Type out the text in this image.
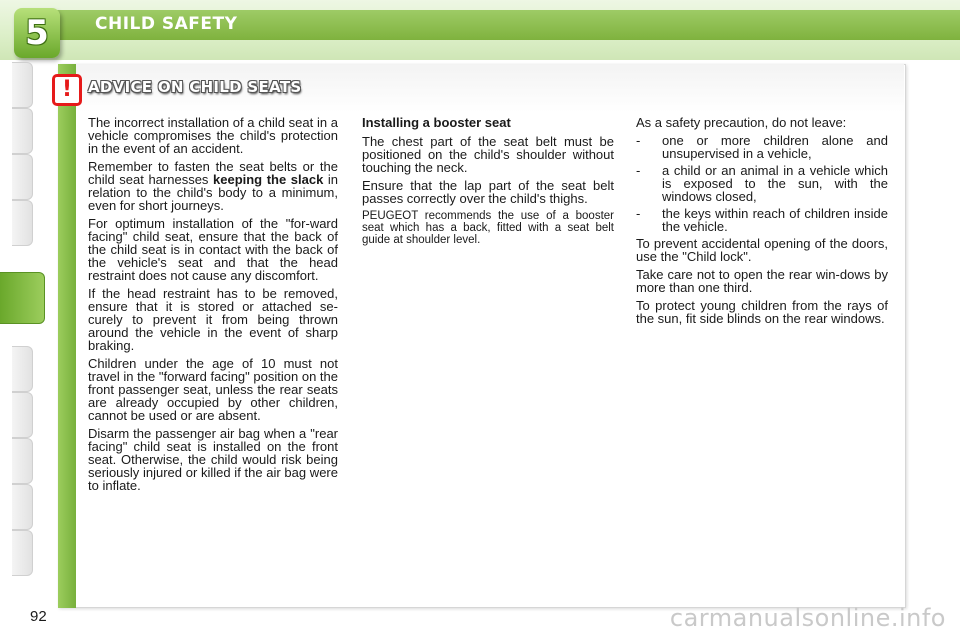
5	CHILD SAFETY
! ADVICE ON CHILD SEATS

The incorrect installation of a child seat in a vehicle compromises the child's protection in the event of an accident.

Remember to fasten the seat belts or the child seat harnesses keeping the slack in relation to the child's body to a minimum, even for short journeys.

For optimum installation of the "for-ward facing" child seat, ensure that the back of the child seat is in contact with the back of the vehicle's seat and that the head restraint does not cause any discomfort.

If the head restraint has to be removed, ensure that it is stored or attached se-curely to prevent it from being thrown around the vehicle in the event of sharp braking.

Children under the age of 10 must not travel in the "forward facing" position on the front passenger seat, unless the rear seats are already occupied by other children, cannot be used or are absent.

Disarm the passenger air bag when a "rear facing" child seat is installed on the front seat. Otherwise, the child would risk being seriously injured or killed if the air bag were to inflate.

Installing a booster seat

The chest part of the seat belt must be positioned on the child's shoulder without touching the neck.

Ensure that the lap part of the seat belt passes correctly over the child's thighs.

PEUGEOT recommends the use of a booster seat which has a back, fitted with a seat belt guide at shoulder level.

As a safety precaution, do not leave:

-	one or more children alone and unsupervised in a vehicle,
-	a child or an animal in a vehicle which is exposed to the sun, with the windows closed,
-	the keys within reach of children inside the vehicle.

To prevent accidental opening of the doors, use the "Child lock".

Take care not to open the rear win-dows by more than one third.

To protect young children from the rays of the sun, fit side blinds on the rear windows.

92	carmanualsonline.info
